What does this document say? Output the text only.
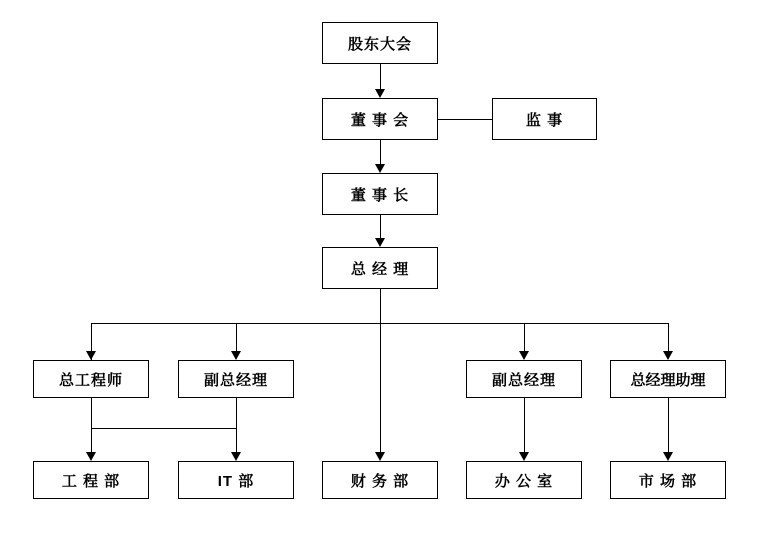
股东大会
董 事 会	监 事
董 事 长
总 经 理
总工程师	副总经理	副总经理	总经理助理
工 程 部	IT 部	财 务 部	办 公 室	市 场 部
